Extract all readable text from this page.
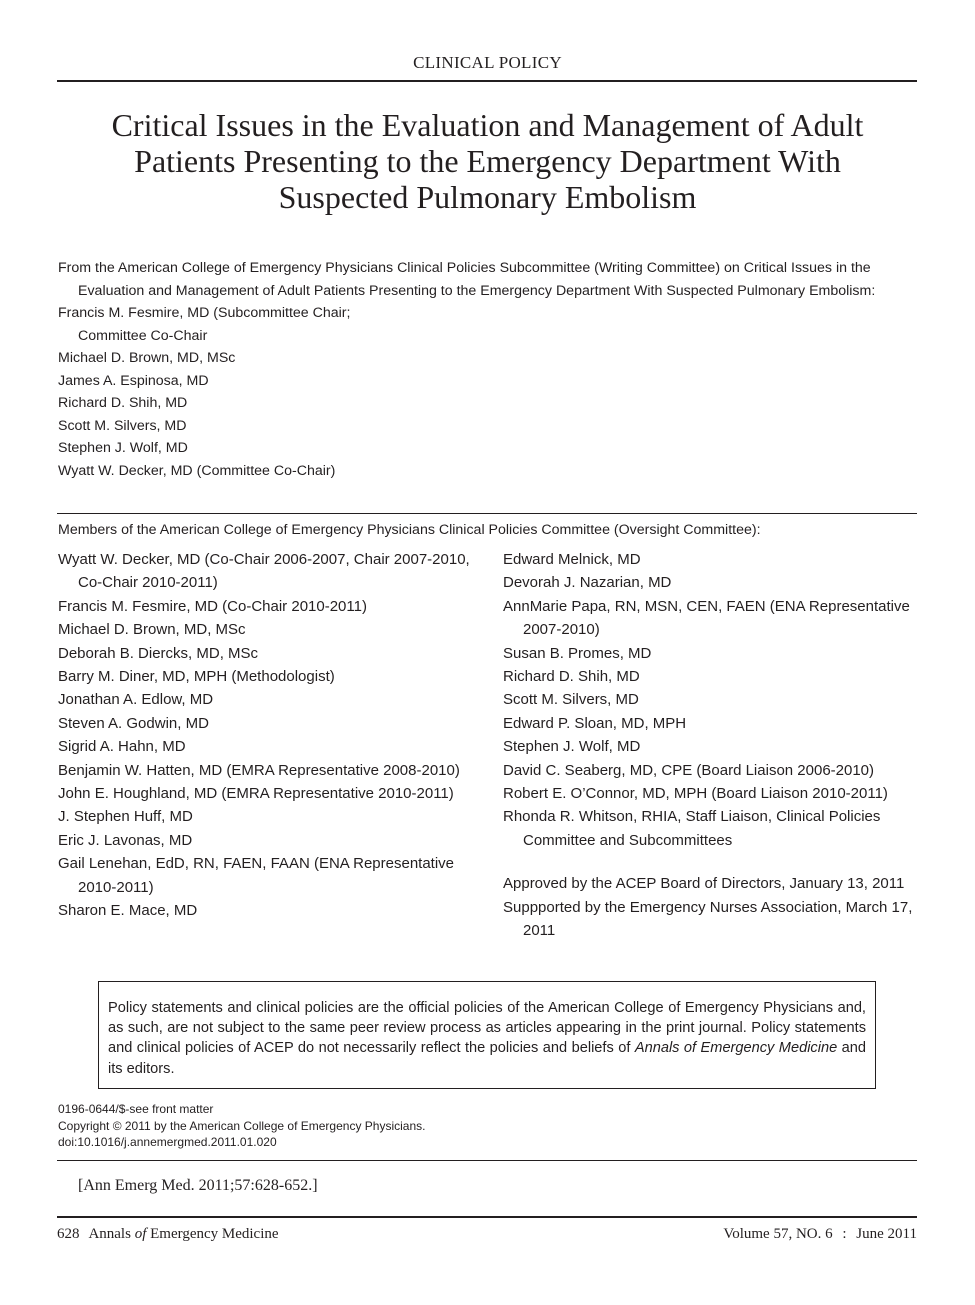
CLINICAL POLICY
Critical Issues in the Evaluation and Management of Adult
Patients Presenting to the Emergency Department With
Suspected Pulmonary Embolism
From the American College of Emergency Physicians Clinical Policies Subcommittee (Writing Committee) on Critical Issues in the Evaluation and Management of Adult Patients Presenting to the Emergency Department With Suspected Pulmonary Embolism:
Francis M. Fesmire, MD (Subcommittee Chair; Committee Co-Chair
Michael D. Brown, MD, MSc
James A. Espinosa, MD
Richard D. Shih, MD
Scott M. Silvers, MD
Stephen J. Wolf, MD
Wyatt W. Decker, MD (Committee Co-Chair)
Members of the American College of Emergency Physicians Clinical Policies Committee (Oversight Committee):
Wyatt W. Decker, MD (Co-Chair 2006-2007, Chair 2007-2010, Co-Chair 2010-2011)
Francis M. Fesmire, MD (Co-Chair 2010-2011)
Michael D. Brown, MD, MSc
Deborah B. Diercks, MD, MSc
Barry M. Diner, MD, MPH (Methodologist)
Jonathan A. Edlow, MD
Steven A. Godwin, MD
Sigrid A. Hahn, MD
Benjamin W. Hatten, MD (EMRA Representative 2008-2010)
John E. Houghland, MD (EMRA Representative 2010-2011)
J. Stephen Huff, MD
Eric J. Lavonas, MD
Gail Lenehan, EdD, RN, FAEN, FAAN (ENA Representative 2010-2011)
Sharon E. Mace, MD
Edward Melnick, MD
Devorah J. Nazarian, MD
AnnMarie Papa, RN, MSN, CEN, FAEN (ENA Representative 2007-2010)
Susan B. Promes, MD
Richard D. Shih, MD
Scott M. Silvers, MD
Edward P. Sloan, MD, MPH
Stephen J. Wolf, MD
David C. Seaberg, MD, CPE (Board Liaison 2006-2010)
Robert E. O’Connor, MD, MPH (Board Liaison 2010-2011)
Rhonda R. Whitson, RHIA, Staff Liaison, Clinical Policies Committee and Subcommittees
Approved by the ACEP Board of Directors, January 13, 2011
Suppported by the Emergency Nurses Association, March 17, 2011
Policy statements and clinical policies are the official policies of the American College of Emergency Physicians and, as such, are not subject to the same peer review process as articles appearing in the print journal. Policy statements and clinical policies of ACEP do not necessarily reflect the policies and beliefs of Annals of Emergency Medicine and its editors.
0196-0644/$-see front matter
Copyright © 2011 by the American College of Emergency Physicians.
doi:10.1016/j.annemergmed.2011.01.020
[Ann Emerg Med. 2011;57:628-652.]
628 Annals of Emergency Medicine	Volume 57, NO. 6 : June 2011
